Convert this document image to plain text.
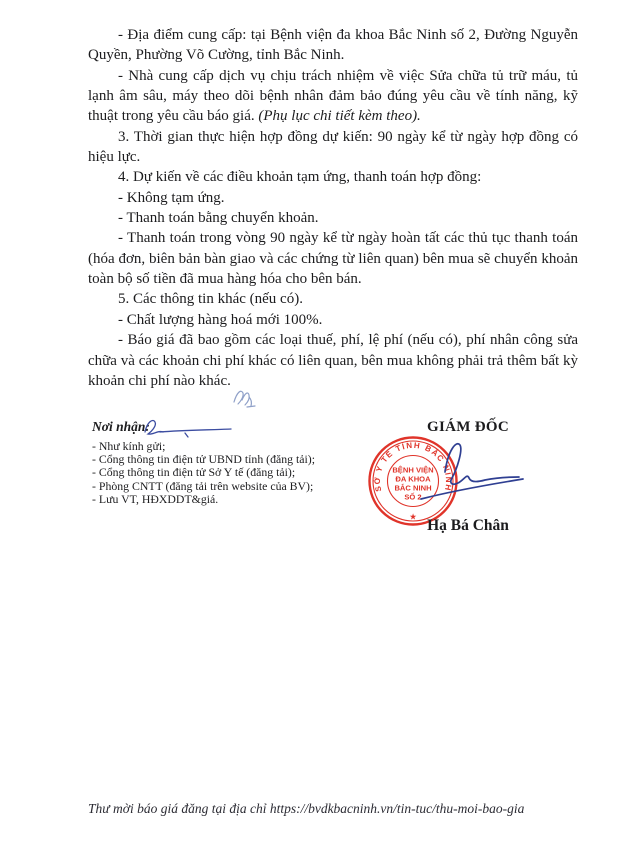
- Địa điểm cung cấp: tại Bệnh viện đa khoa Bắc Ninh số 2, Đường Nguyễn Quyền, Phường Võ Cường, tỉnh Bắc Ninh.

- Nhà cung cấp dịch vụ chịu trách nhiệm về việc Sửa chữa tủ trữ máu, tủ lạnh âm sâu, máy theo dõi bệnh nhân đảm bảo đúng yêu cầu về tính năng, kỹ thuật trong yêu cầu báo giá. (Phụ lục chi tiết kèm theo).

3. Thời gian thực hiện hợp đồng dự kiến: 90 ngày kể từ ngày hợp đồng có hiệu lực.

4. Dự kiến về các điều khoản tạm ứng, thanh toán hợp đồng:

- Không tạm ứng.

- Thanh toán bằng chuyển khoản.

- Thanh toán trong vòng 90 ngày kể từ ngày hoàn tất các thủ tục thanh toán (hóa đơn, biên bản bàn giao và các chứng từ liên quan) bên mua sẽ chuyển khoản toàn bộ số tiền đã mua hàng hóa cho bên bán.

5. Các thông tin khác (nếu có).

- Chất lượng hàng hoá mới 100%.

- Báo giá đã bao gồm các loại thuế, phí, lệ phí (nếu có), phí nhân công sửa chữa và các khoản chi phí khác có liên quan, bên mua không phải trả thêm bất kỳ khoản chi phí nào khác.

Nơi nhận:
- Như kính gửi;
- Cổng thông tin điện tử UBND tỉnh (đăng tải);
- Cổng thông tin điện tử Sở Y tế (đăng tải);
- Phòng CNTT (đăng tải trên website của BV);
- Lưu VT, HĐXDDT&giá.
GIÁM ĐỐC
SỞ Y TẾ TỈNH BẮC NINH
BỆNH VIỆN
ĐA KHOA
BẮC NINH
SỐ 2
★
Hạ Bá Chân
Thư mời báo giá đăng tại địa chỉ https://bvdkbacninh.vn/tin-tuc/thu-moi-bao-gia
